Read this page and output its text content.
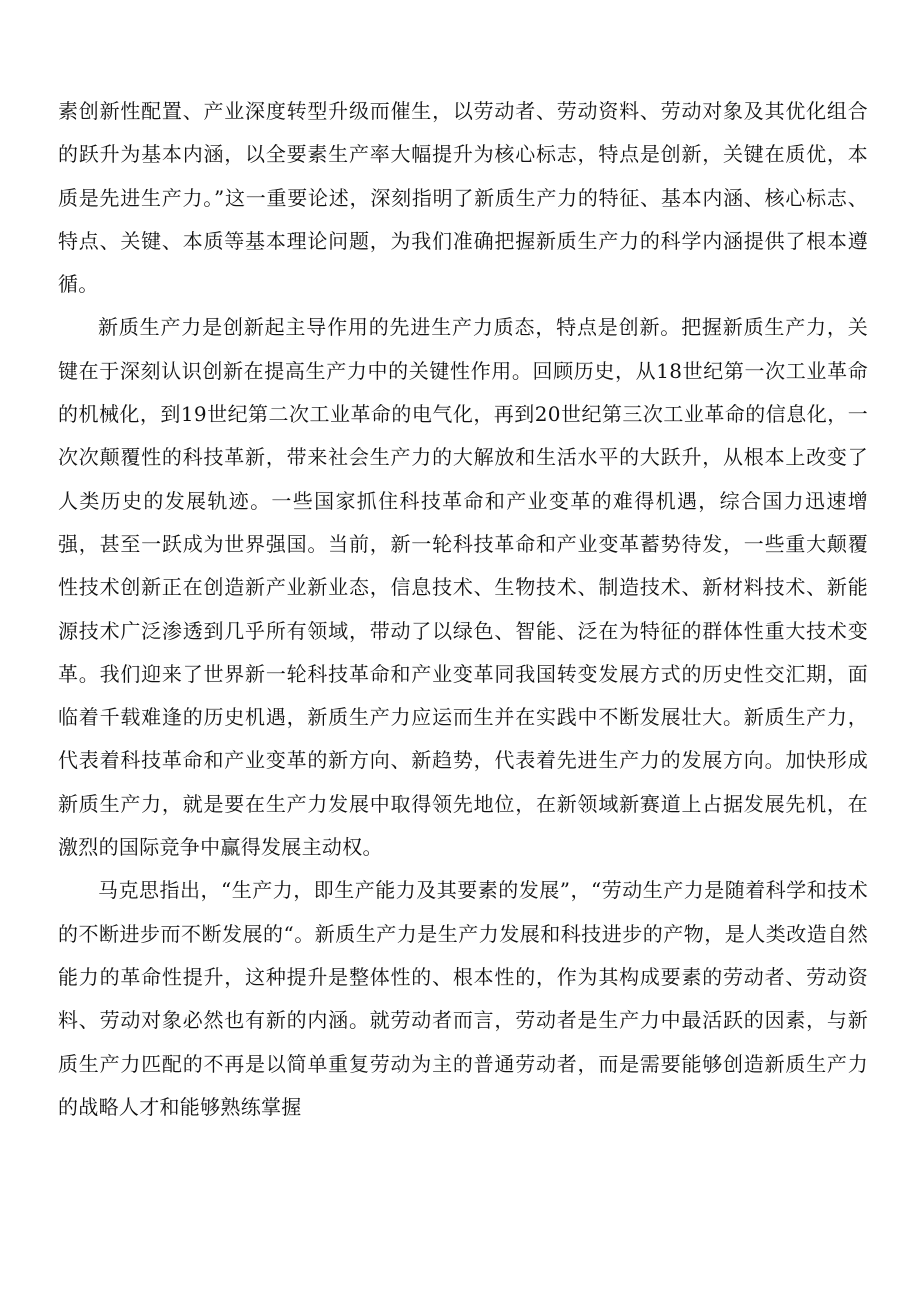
素创新性配置、产业深度转型升级而催生，以劳动者、劳动资料、劳动对象及其优化组合的跃升为基本内涵，以全要素生产率大幅提升为核心标志，特点是创新，关键在质优，本质是先进生产力。”这一重要论述，深刻指明了新质生产力的特征、基本内涵、核心标志、特点、关键、本质等基本理论问题，为我们准确把握新质生产力的科学内涵提供了根本遵循。

新质生产力是创新起主导作用的先进生产力质态，特点是创新。把握新质生产力，关键在于深刻认识创新在提高生产力中的关键性作用。回顾历史，从18世纪第一次工业革命的机械化，到19世纪第二次工业革命的电气化，再到20世纪第三次工业革命的信息化，一次次颠覆性的科技革新，带来社会生产力的大解放和生活水平的大跃升，从根本上改变了人类历史的发展轨迹。一些国家抓住科技革命和产业变革的难得机遇，综合国力迅速增强，甚至一跃成为世界强国。当前，新一轮科技革命和产业变革蓄势待发，一些重大颠覆性技术创新正在创造新产业新业态，信息技术、生物技术、制造技术、新材料技术、新能源技术广泛渗透到几乎所有领域，带动了以绿色、智能、泛在为特征的群体性重大技术变革。我们迎来了世界新一轮科技革命和产业变革同我国转变发展方式的历史性交汇期，面临着千载难逢的历史机遇，新质生产力应运而生并在实践中不断发展壮大。新质生产力，代表着科技革命和产业变革的新方向、新趋势，代表着先进生产力的发展方向。加快形成新质生产力，就是要在生产力发展中取得领先地位，在新领域新赛道上占据发展先机，在激烈的国际竞争中赢得发展主动权。

马克思指出，“生产力，即生产能力及其要素的发展”，“劳动生产力是随着科学和技术的不断进步而不断发展的“。新质生产力是生产力发展和科技进步的产物，是人类改造自然能力的革命性提升，这种提升是整体性的、根本性的，作为其构成要素的劳动者、劳动资料、劳动对象必然也有新的内涵。就劳动者而言，劳动者是生产力中最活跃的因素，与新质生产力匹配的不再是以简单重复劳动为主的普通劳动者，而是需要能够创造新质生产力的战略人才和能够熟练掌握
